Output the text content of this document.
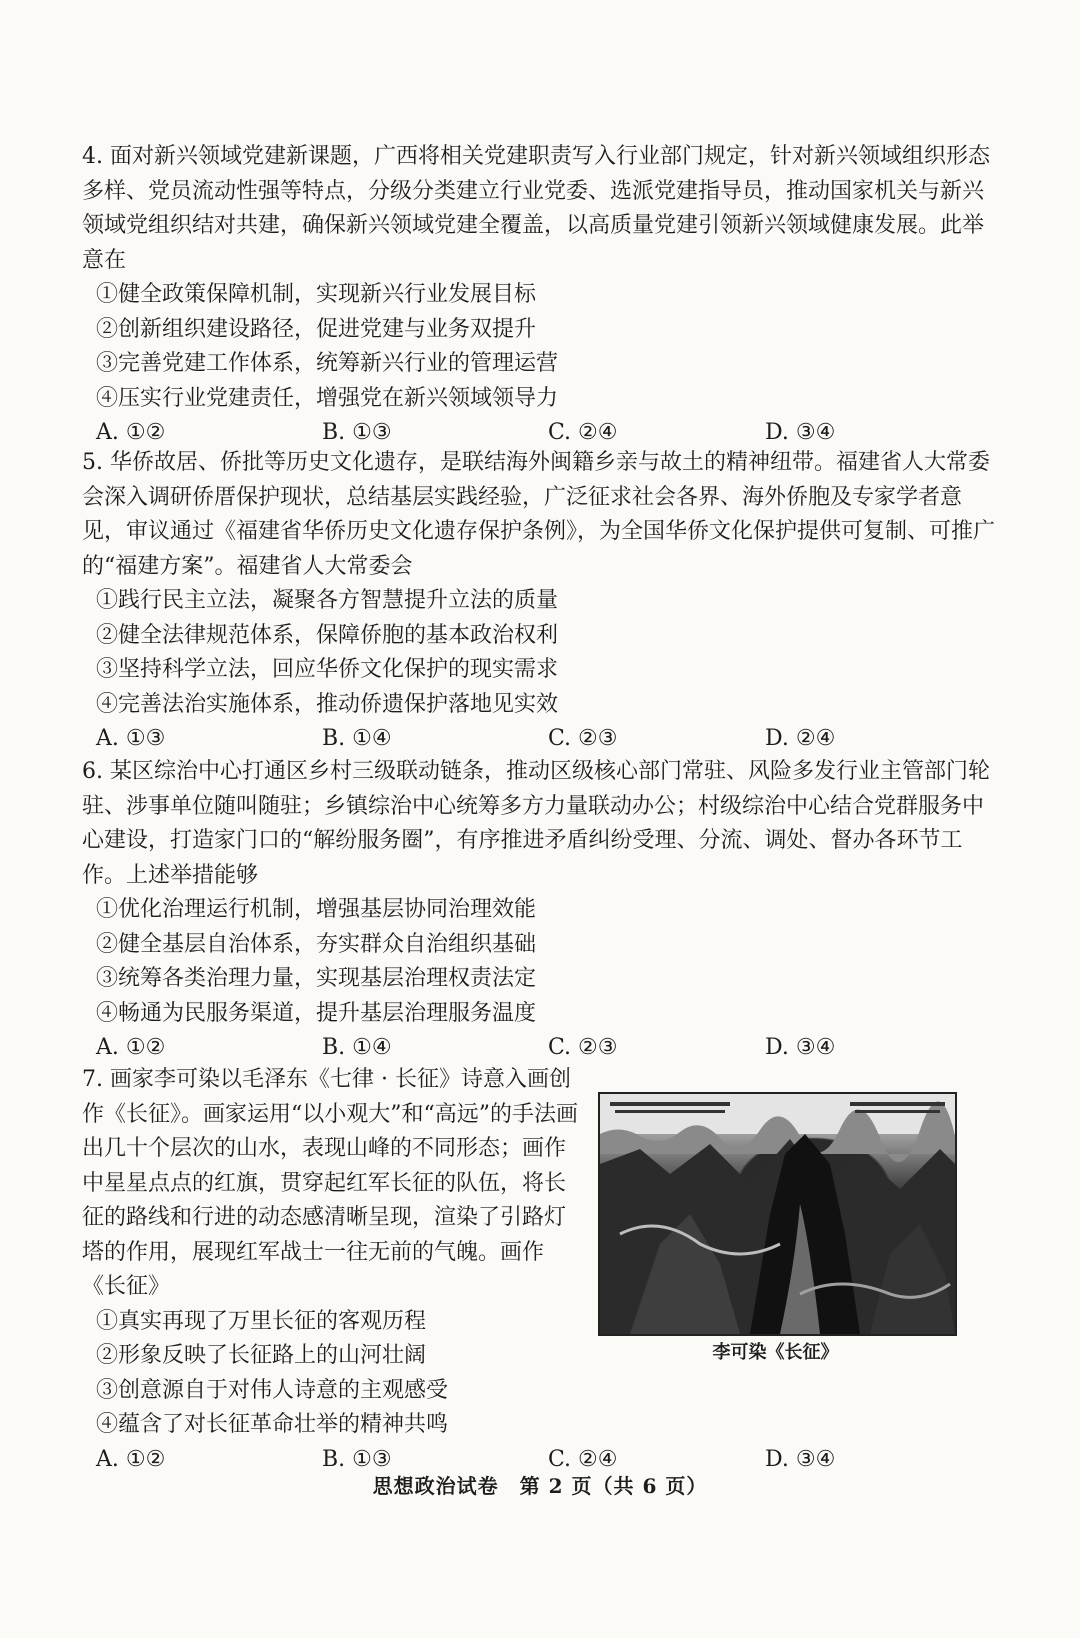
4. 面对新兴领域党建新课题，广西将相关党建职责写入行业部门规定，针对新兴领域组织形态多样、党员流动性强等特点，分级分类建立行业党委、选派党建指导员，推动国家机关与新兴领域党组织结对共建，确保新兴领域党建全覆盖，以高质量党建引领新兴领域健康发展。此举意在
①健全政策保障机制，实现新兴行业发展目标
②创新组织建设路径，促进党建与业务双提升
③完善党建工作体系，统筹新兴行业的管理运营
④压实行业党建责任，增强党在新兴领域领导力
A. ①②	B. ①③	C. ②④	D. ③④
5. 华侨故居、侨批等历史文化遗存，是联结海外闽籍乡亲与故土的精神纽带。福建省人大常委会深入调研侨厝保护现状，总结基层实践经验，广泛征求社会各界、海外侨胞及专家学者意见，审议通过《福建省华侨历史文化遗存保护条例》，为全国华侨文化保护提供可复制、可推广的“福建方案”。福建省人大常委会
①践行民主立法，凝聚各方智慧提升立法的质量
②健全法律规范体系，保障侨胞的基本政治权利
③坚持科学立法，回应华侨文化保护的现实需求
④完善法治实施体系，推动侨遗保护落地见实效
A. ①③	B. ①④	C. ②③	D. ②④
6. 某区综治中心打通区乡村三级联动链条，推动区级核心部门常驻、风险多发行业主管部门轮驻、涉事单位随叫随驻；乡镇综治中心统筹多方力量联动办公；村级综治中心结合党群服务中心建设，打造家门口的“解纷服务圈”，有序推进矛盾纠纷受理、分流、调处、督办各环节工作。上述举措能够
①优化治理运行机制，增强基层协同治理效能
②健全基层自治体系，夯实群众自治组织基础
③统筹各类治理力量，实现基层治理权责法定
④畅通为民服务渠道，提升基层治理服务温度
A. ①②	B. ①④	C. ②③	D. ③④
7. 画家李可染以毛泽东《七律 · 长征》诗意入画创作《长征》。画家运用“以小观大”和“高远”的手法画出几十个层次的山水，表现山峰的不同形态；画作中星星点点的红旗，贯穿起红军长征的队伍，将长征的路线和行进的动态感清晰呈现，渲染了引路灯塔的作用，展现红军战士一往无前的气魄。画作《长征》
①真实再现了万里长征的客观历程
②形象反映了长征路上的山河壮阔
③创意源自于对伟人诗意的主观感受
④蕴含了对长征革命壮举的精神共鸣
A. ①②	B. ①③	C. ②④	D. ③④
李可染《长征》
思想政治试卷　第 2 页（共 6 页）
